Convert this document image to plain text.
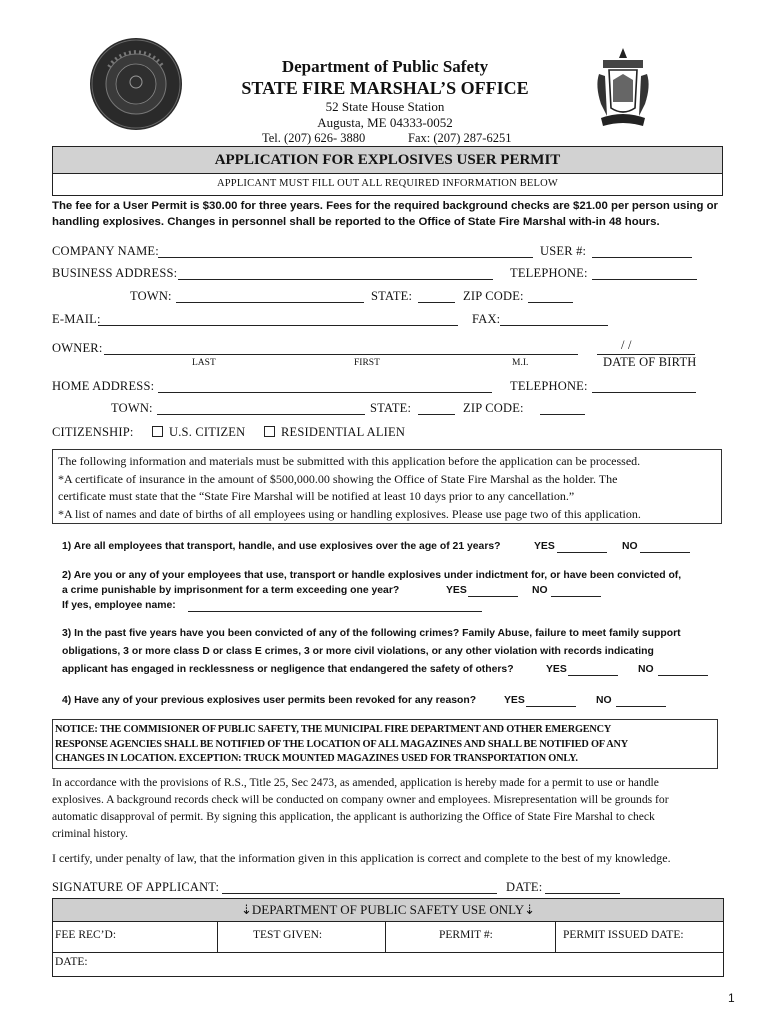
Department of Public Safety
STATE FIRE MARSHAL’S OFFICE
52 State House Station
Augusta, ME 04333-0052
Tel. (207) 626- 3880	Fax: (207) 287-6251
APPLICATION FOR EXPLOSIVES USER PERMIT
APPLICANT MUST FILL OUT ALL REQUIRED INFORMATION BELOW
The fee for a User Permit is $30.00 for three years. Fees for the required background checks are $21.00 per person using or
handling explosives. Changes in personnel shall be reported to the Office of State Fire Marshal with-in 48 hours.
COMPANY NAME:	USER #:
BUSINESS ADDRESS:	TELEPHONE:
TOWN:	STATE:	ZIP CODE:
E-MAIL:	FAX:
OWNER:	/ /
LAST	FIRST	M.I.	DATE OF BIRTH
HOME ADDRESS:	TELEPHONE:
TOWN:	STATE:	ZIP CODE:
CITIZENSHIP:	U.S. CITIZEN	RESIDENTIAL ALIEN
The following information and materials must be submitted with this application before the application can be processed.
*A certificate of insurance in the amount of $500,000.00 showing the Office of State Fire Marshal as the holder. The
certificate must state that the “State Fire Marshal will be notified at least 10 days prior to any cancellation.”
*A list of names and date of births of all employees using or handling explosives. Please use page two of this application.
1) Are all employees that transport, handle, and use explosives over the age of 21 years?	YES	NO
2) Are you or any of your employees that use, transport or handle explosives under indictment for, or have been convicted of,
a crime punishable by imprisonment for a term exceeding one year?	YES	NO
If yes, employee name:
3) In the past five years have you been convicted of any of the following crimes? Family Abuse, failure to meet family support
obligations, 3 or more class D or class E crimes, 3 or more civil violations, or any other violation with records indicating
applicant has engaged in recklessness or negligence that endangered the safety of others?	YES	NO
4) Have any of your previous explosives user permits been revoked for any reason?	YES	NO
NOTICE: THE COMMISIONER OF PUBLIC SAFETY, THE MUNICIPAL FIRE DEPARTMENT AND OTHER EMERGENCY
RESPONSE AGENCIES SHALL BE NOTIFIED OF THE LOCATION OF ALL MAGAZINES AND SHALL BE NOTIFIED OF ANY
CHANGES IN LOCATION. EXCEPTION: TRUCK MOUNTED MAGAZINES USED FOR TRANSPORTATION ONLY.
In accordance with the provisions of R.S., Title 25, Sec 2473, as amended, application is hereby made for a permit to use or handle
explosives. A background records check will be conducted on company owner and employees. Misrepresentation will be grounds for
automatic disapproval of permit. By signing this application, the applicant is authorizing the Office of State Fire Marshal to check
criminal history.
I certify, under penalty of law, that the information given in this application is correct and complete to the best of my knowledge.
SIGNATURE OF APPLICANT:	DATE:
⇣DEPARTMENT OF PUBLIC SAFETY USE ONLY⇣
FEE REC’D:	TEST GIVEN:	PERMIT #:	PERMIT ISSUED DATE:
DATE:
1
